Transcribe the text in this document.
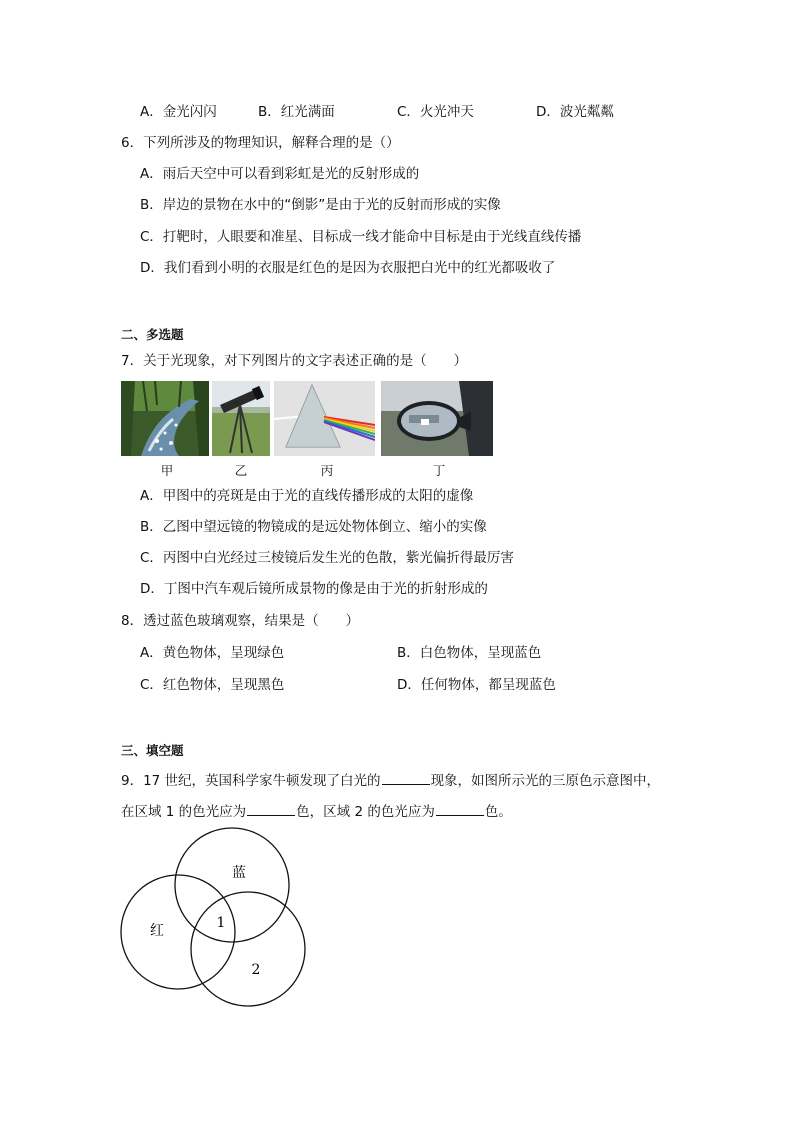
A．金光闪闪	B．红光满面	C．火光冲天	D．波光粼粼
6．下列所涉及的物理知识，解释合理的是（）
A．雨后天空中可以看到彩虹是光的反射形成的
B．岸边的景物在水中的“倒影”是由于光的反射而形成的实像
C．打靶时，人眼要和准星、目标成一线才能命中目标是由于光线直线传播
D．我们看到小明的衣服是红色的是因为衣服把白光中的红光都吸收了
二、多选题
7．关于光现象，对下列图片的文字表述正确的是（　　）
甲	乙	丙	丁
A．甲图中的亮斑是由于光的直线传播形成的太阳的虚像
B．乙图中望远镜的物镜成的是远处物体倒立、缩小的实像
C．丙图中白光经过三棱镜后发生光的色散，紫光偏折得最厉害
D．丁图中汽车观后镜所成景物的像是由于光的折射形成的
8．透过蓝色玻璃观察，结果是（　　）
A．黄色物体，呈现绿色	B．白色物体，呈现蓝色
C．红色物体，呈现黑色	D．任何物体，都呈现蓝色
三、填空题
9．17 世纪，英国科学家牛顿发现了白光的	现象，如图所示光的三原色示意图中，
在区域 1 的色光应为	色，区域 2 的色光应为	色。
蓝
红	1
2
